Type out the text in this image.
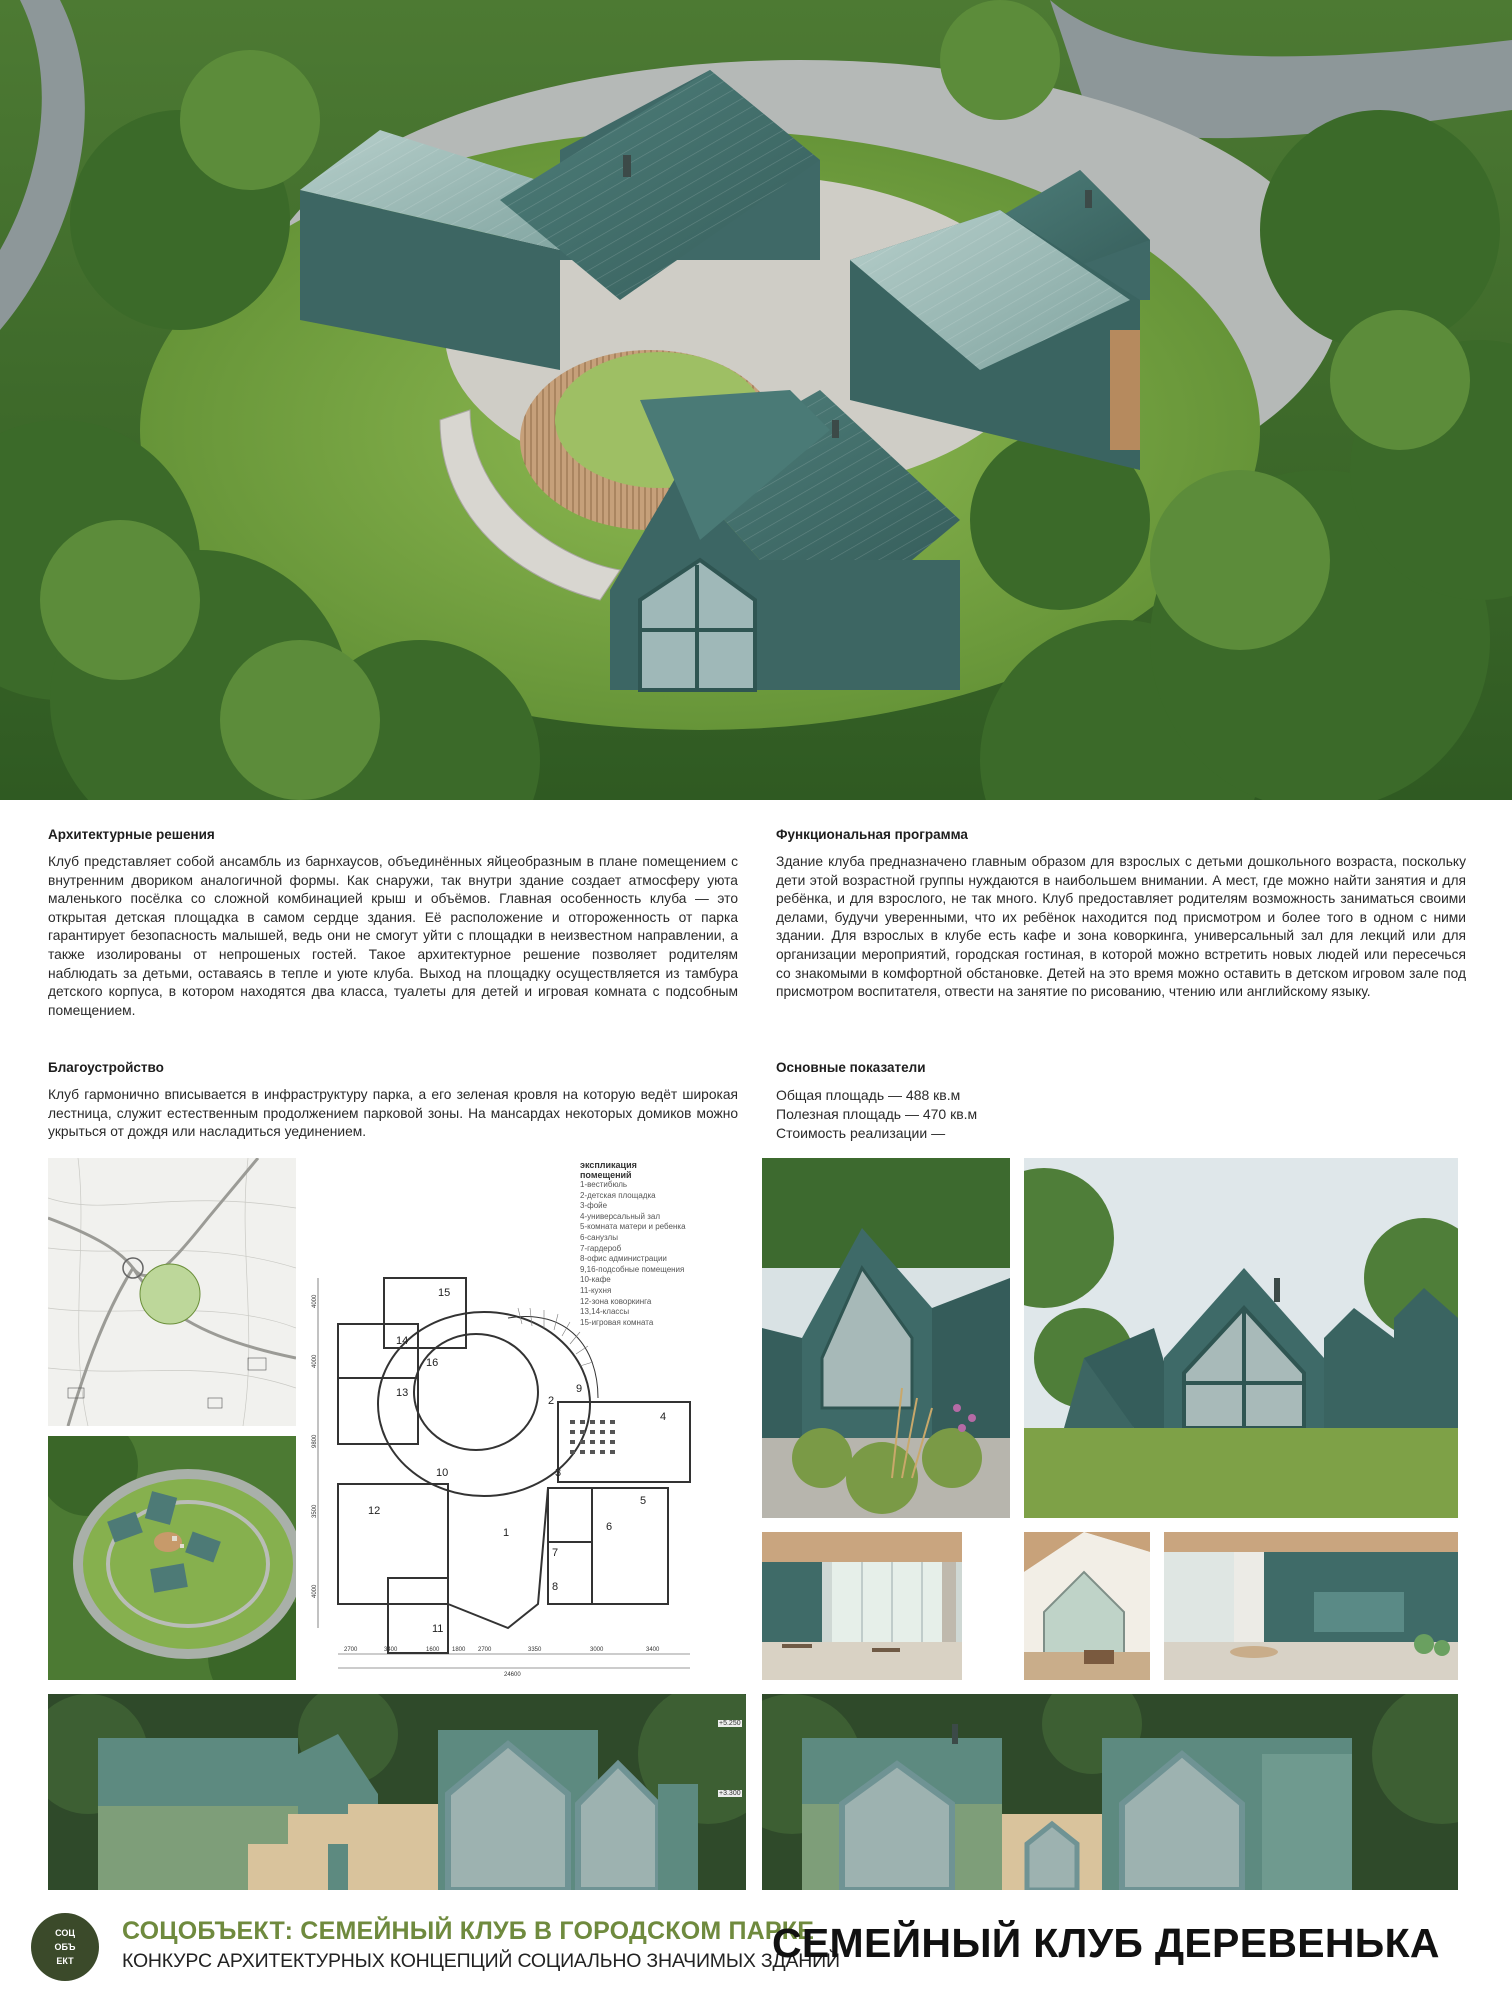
Архитектурные решения
Клуб представляет собой ансамбль из барнхаусов, объединённых яйцеобразным в плане помещением с внутренним двориком аналогичной формы. Как снаружи, так внутри здание создает атмосферу уюта маленького посёлка со сложной комбинацией крыш и объёмов. Главная особенность клуба — это открытая детская площадка в самом сердце здания. Её расположение и отгороженность от парка гарантирует безопасность малышей, ведь они не смогут уйти с площадки в неизвестном направлении, а также изолированы от непрошеных гостей. Такое архитектурное решение позволяет родителям наблюдать за детьми, оставаясь в тепле и уюте клуба. Выход на площадку осуществляется из тамбура детского корпуса, в котором находятся два класса, туалеты для детей и игровая комната с подсобным помещением.
Благоустройство
Клуб гармонично вписывается в инфраструктуру парка, а его зеленая кровля на которую ведёт широкая лестница, служит естественным продолжением парковой зоны. На мансардах некоторых домиков можно укрыться от дождя или насладиться уединением.
Функциональная программа
Здание клуба предназначено главным образом для взрослых с детьми дошкольного возраста, поскольку дети этой возрастной группы нуждаются в наибольшем внимании. А мест, где можно найти занятия и для ребёнка, и для взрослого, не так много. Клуб предоставляет родителям возможность заниматься своими делами, будучи уверенными, что их ребёнок находится под присмотром и более того в одном с ними здании. Для взрослых в клубе есть кафе и зона коворкинга, универсальный зал для лекций или для организации мероприятий, городская гостиная, в которой можно встретить новых людей или пересечься со знакомыми в комфортной обстановке. Детей на это время можно оставить в детском игровом зале под присмотром воспитателя, отвести на занятие по рисованию, чтению или английскому языку.
Основные показатели
Общая площадь — 488 кв.м
Полезная площадь — 470 кв.м
Стоимость реализации —
1
2
3
4
5
6
7
8
9
10
11
12
13
14
15
16
2700	3400	1600 1800 2700	3350	3000	3400
24600
4000
4000
9800
3500
4000
экспликация
помещений
1-вестибюль
2-детская площадка
3-фойе
4-универсальный зал
5-комната матери и ребенка
6-санузлы
7-гардероб
8-офис администрации
9,16-подсобные помещения
10-кафе
11-кухня
12-зона коворкинга
13,14-классы
15-игровая комната
+5.250
+3.300
СОЦ
ОБЪ
ЕКТ
СОЦОБЪЕКТ: СЕМЕЙНЫЙ КЛУБ В ГОРОДСКОМ ПАРКЕ
КОНКУРС АРХИТЕКТУРНЫХ КОНЦЕПЦИЙ СОЦИАЛЬНО ЗНАЧИМЫХ ЗДАНИЙ
СЕМЕЙНЫЙ КЛУБ ДЕРЕВЕНЬКА
